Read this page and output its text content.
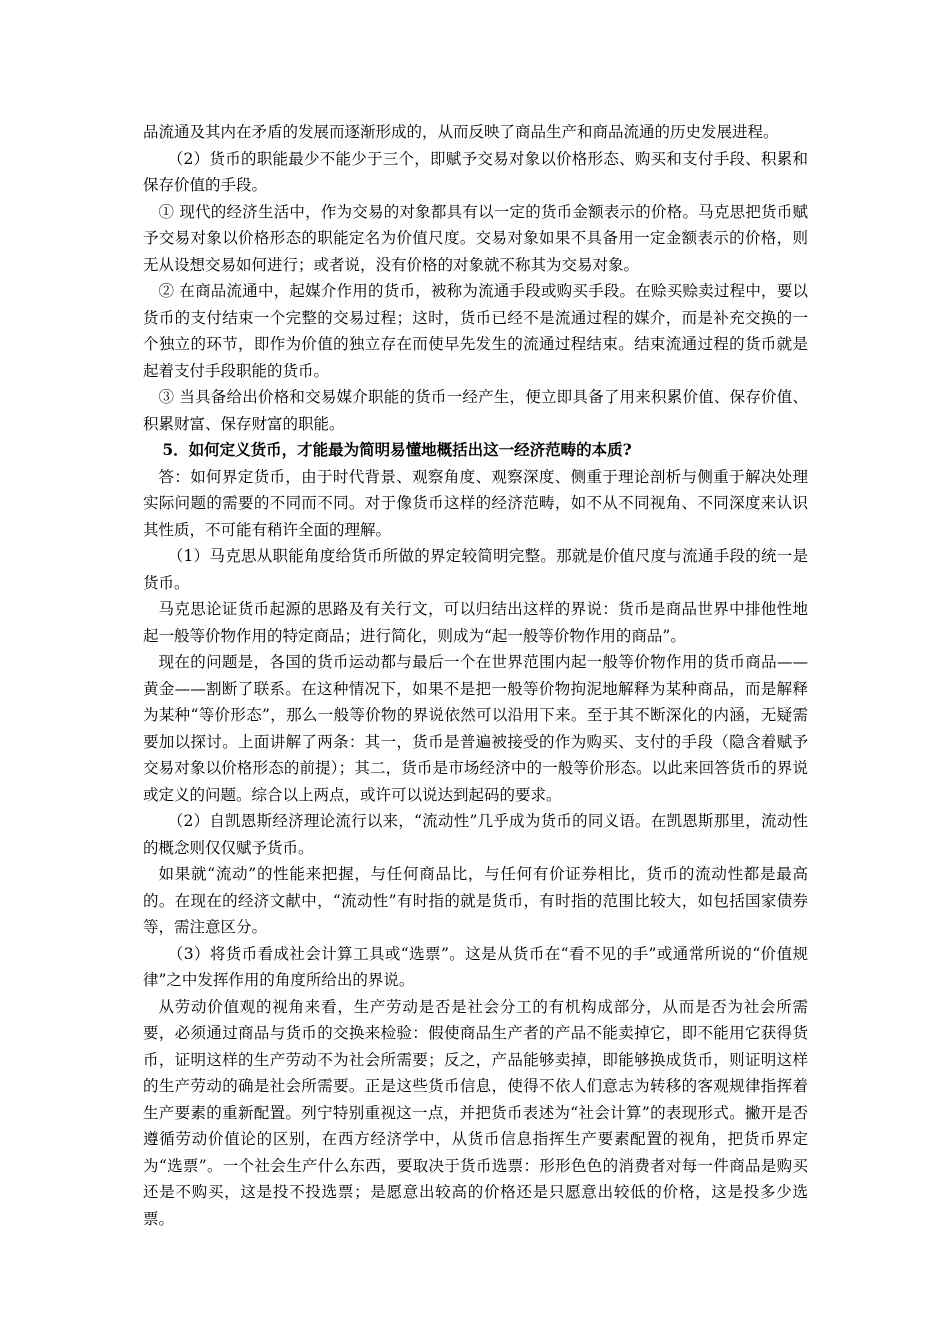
品流通及其内在矛盾的发展而逐渐形成的，从而反映了商品生产和商品流通的历史发展进程。

（2）货币的职能最少不能少于三个，即赋予交易对象以价格形态、购买和支付手段、积累和保存价值的手段。

① 现代的经济生活中，作为交易的对象都具有以一定的货币金额表示的价格。马克思把货币赋予交易对象以价格形态的职能定名为价值尺度。交易对象如果不具备用一定金额表示的价格，则无从设想交易如何进行；或者说，没有价格的对象就不称其为交易对象。

② 在商品流通中，起媒介作用的货币，被称为流通手段或购买手段。在赊买赊卖过程中，要以货币的支付结束一个完整的交易过程；这时，货币已经不是流通过程的媒介，而是补充交换的一个独立的环节，即作为价值的独立存在而使早先发生的流通过程结束。结束流通过程的货币就是起着支付手段职能的货币。

③ 当具备给出价格和交易媒介职能的货币一经产生，便立即具备了用来积累价值、保存价值、积累财富、保存财富的职能。

5．如何定义货币，才能最为简明易懂地概括出这一经济范畴的本质?

答：如何界定货币，由于时代背景、观察角度、观察深度、侧重于理论剖析与侧重于解决处理实际问题的需要的不同而不同。对于像货币这样的经济范畴，如不从不同视角、不同深度来认识其性质，不可能有稍许全面的理解。

（1）马克思从职能角度给货币所做的界定较简明完整。那就是价值尺度与流通手段的统一是货币。

马克思论证货币起源的思路及有关行文，可以归结出这样的界说：货币是商品世界中排他性地起一般等价物作用的特定商品；进行简化，则成为“起一般等价物作用的商品”。

现在的问题是，各国的货币运动都与最后一个在世界范围内起一般等价物作用的货币商品——黄金——割断了联系。在这种情况下，如果不是把一般等价物拘泥地解释为某种商品，而是解释为某种“等价形态”，那么一般等价物的界说依然可以沿用下来。至于其不断深化的内涵，无疑需要加以探讨。上面讲解了两条：其一，货币是普遍被接受的作为购买、支付的手段（隐含着赋予交易对象以价格形态的前提）；其二，货币是市场经济中的一般等价形态。以此来回答货币的界说或定义的问题。综合以上两点，或许可以说达到起码的要求。

（2）自凯恩斯经济理论流行以来，“流动性”几乎成为货币的同义语。在凯恩斯那里，流动性的概念则仅仅赋予货币。

如果就“流动”的性能来把握，与任何商品比，与任何有价证券相比，货币的流动性都是最高的。在现在的经济文献中，“流动性”有时指的就是货币，有时指的范围比较大，如包括国家债券等，需注意区分。

（3）将货币看成社会计算工具或“选票”。这是从货币在“看不见的手”或通常所说的“价值规律”之中发挥作用的角度所给出的界说。

从劳动价值观的视角来看，生产劳动是否是社会分工的有机构成部分，从而是否为社会所需要，必须通过商品与货币的交换来检验：假使商品生产者的产品不能卖掉它，即不能用它获得货币，证明这样的生产劳动不为社会所需要；反之，产品能够卖掉，即能够换成货币，则证明这样的生产劳动的确是社会所需要。正是这些货币信息，使得不依人们意志为转移的客观规律指挥着生产要素的重新配置。列宁特别重视这一点，并把货币表述为“社会计算”的表现形式。撇开是否遵循劳动价值论的区别，在西方经济学中，从货币信息指挥生产要素配置的视角，把货币界定为“选票”。一个社会生产什么东西，要取决于货币选票：形形色色的消费者对每一件商品是购买还是不购买，这是投不投选票；是愿意出较高的价格还是只愿意出较低的价格，这是投多少选票。
